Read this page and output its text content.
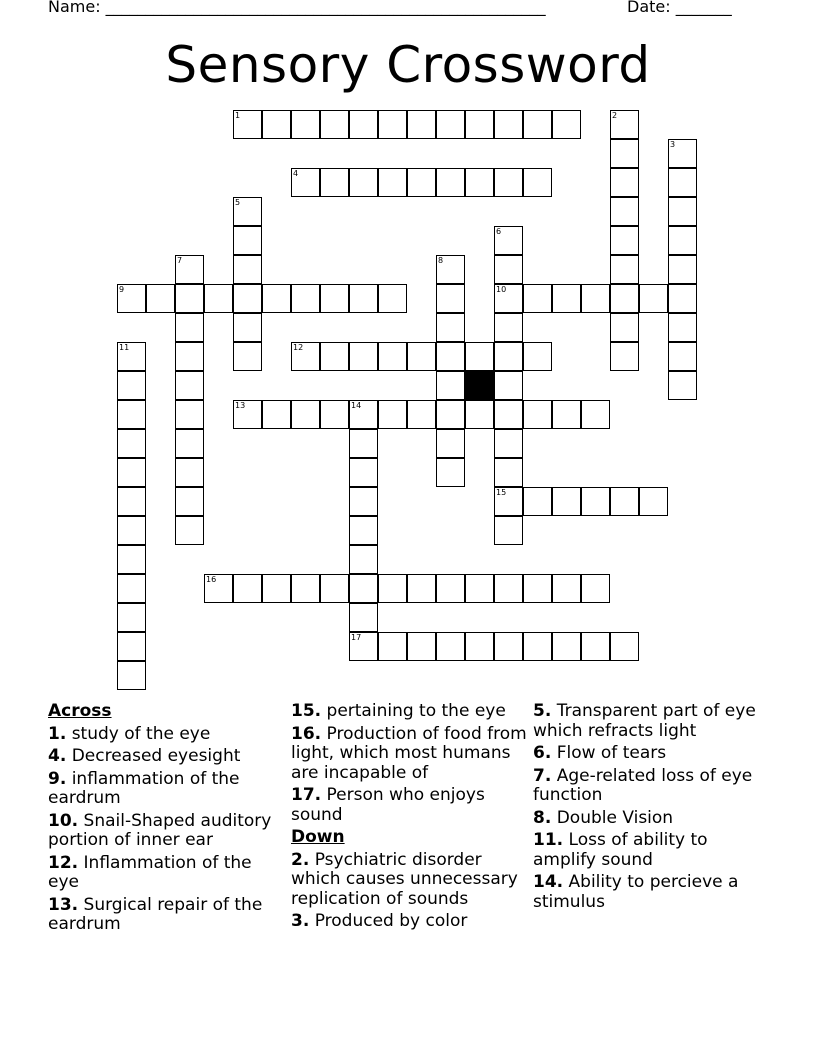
Name: _______________________________________________________	Date: _______
Sensory Crossword
1	2
3
4
5
6
10
15
7	8
9
11	12
13	14
17
16
Across
1. study of the eye
4. Decreased eyesight
9. inflammation of the eardrum
10. Snail-Shaped auditory portion of inner ear
12. Inflammation of the eye
13. Surgical repair of the eardrum
15. pertaining to the eye
16. Production of food from light, which most humans are incapable of
17. Person who enjoys sound
Down
2. Psychiatric disorder which causes unnecessary replication of sounds
3. Produced by color
5. Transparent part of eye which refracts light
6. Flow of tears
7. Age-related loss of eye function
8. Double Vision
11. Loss of ability to amplify sound
14. Ability to percieve a stimulus
